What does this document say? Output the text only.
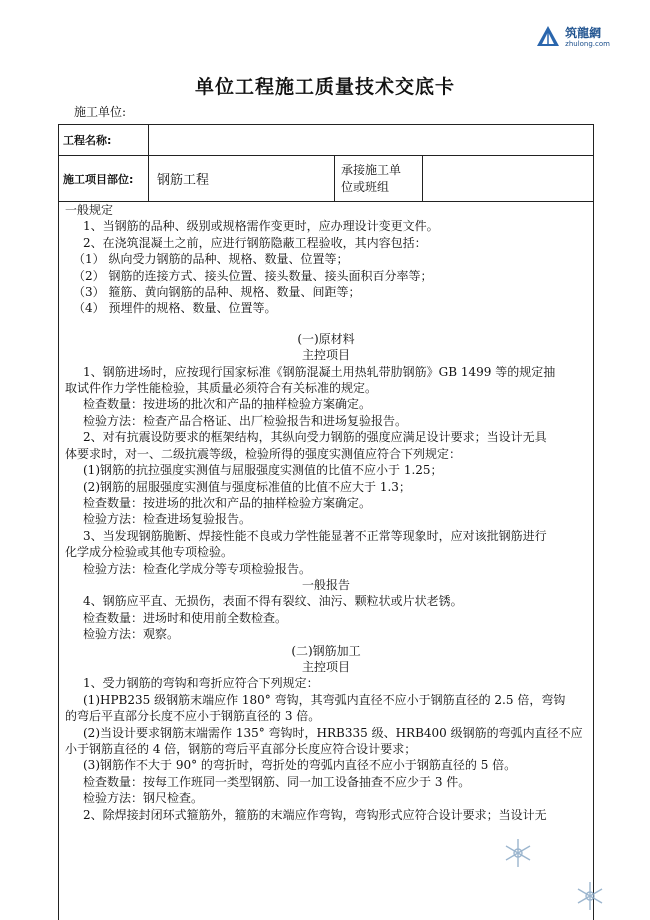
筑龍網
zhulong.com
单位工程施工质量技术交底卡
施工单位:
工程名称:
施工项目部位:	钢筋工程
承接施工单
位或班组

一般规定

1、当钢筋的品种、级别或规格需作变更时，应办理设计变更文件。

2、在浇筑混凝土之前，应进行钢筋隐蔽工程验收，其内容包括：

（1） 纵向受力钢筋的品种、规格、数量、位置等；

（2） 钢筋的连接方式、接头位置、接头数量、接头面积百分率等；

（3） 箍筋、黄向钢筋的品种、规格、数量、间距等；

（4） 预埋件的规格、数量、位置等。

(一)原材料

主控项目

1、钢筋进场时，应按现行国家标准《钢筋混凝土用热轧带肋钢筋》GB 1499 等的规定抽

取试件作力学性能检验，其质量必须符合有关标准的规定。

检查数量：按进场的批次和产品的抽样检验方案确定。

检验方法：检查产品合格证、出厂检验报告和进场复验报告。

2、对有抗震设防要求的框架结构，其纵向受力钢筋的强度应满足设计要求；当设计无具

体要求时，对一、二级抗震等级，检验所得的强度实测值应符合下列规定：

(1)钢筋的抗拉强度实测值与屈服强度实测值的比值不应小于 1.25；

(2)钢筋的屈服强度实测值与强度标准值的比值不应大于 1.3；

检查数量：按进场的批次和产品的抽样检验方案确定。

检验方法：检查进场复验报告。

3、当发现钢筋脆断、焊接性能不良或力学性能显著不正常等现象时，应对该批钢筋进行

化学成分检验或其他专项检验。

检验方法：检查化学成分等专项检验报告。

一般报告

4、钢筋应平直、无损伤，表面不得有裂纹、油污、颗粒状或片状老锈。

检查数量：进场时和使用前全数检查。

检验方法：观察。

(二)钢筋加工

主控项目

1、受力钢筋的弯钩和弯折应符合下列规定：

(1)HPB235 级钢筋末端应作 180° 弯钩，其弯弧内直径不应小于钢筋直径的 2.5 倍，弯钩

的弯后平直部分长度不应小于钢筋直径的 3 倍。

(2)当设计要求钢筋末端需作 135° 弯钩时，HRB335 级、HRB400 级钢筋的弯弧内直径不应

小于钢筋直径的 4 倍，钢筋的弯后平直部分长度应符合设计要求；

(3)钢筋作不大于 90° 的弯折时，弯折处的弯弧内直径不应小于钢筋直径的 5 倍。

检查数量：按每工作班同一类型钢筋、同一加工设备抽查不应少于 3 件。

检验方法：钢尺检查。

2、除焊接封闭环式箍筋外，箍筋的末端应作弯钩，弯钩形式应符合设计要求；当设计无
